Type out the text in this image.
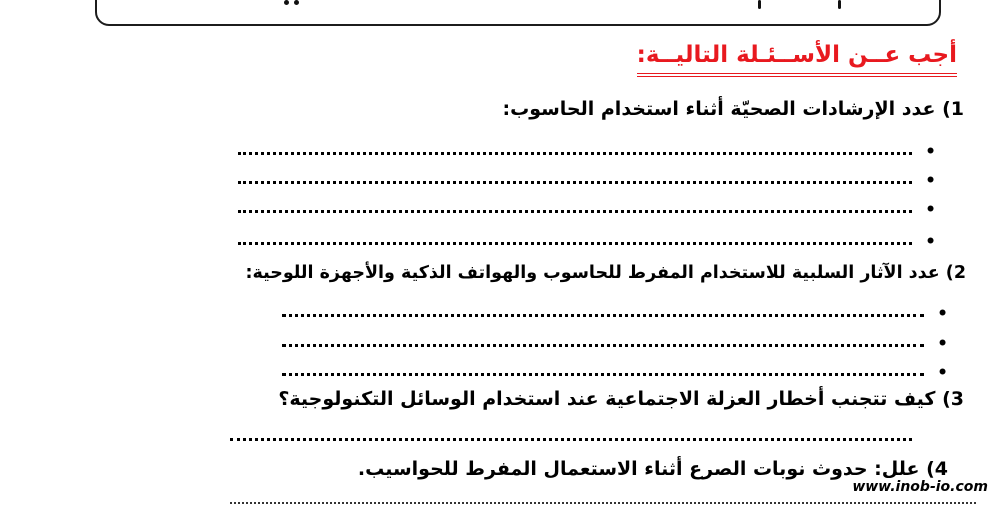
أجب عــن الأســئـلة التاليــة:
1) عدد الإرشادات الصحيّة أثناء استخدام الحاسوب:
•
•
•
•
2) عدد الآثار السلبية للاستخدام المفرط للحاسوب والهواتف الذكية والأجهزة اللوحية:
•
•
•
3) كيف تتجنب أخطار العزلة الاجتماعية عند استخدام الوسائل التكنولوجية؟
4) علل: حدوث نوبات الصرع أثناء الاستعمال المفرط للحواسيب.
www.inob-io.com
